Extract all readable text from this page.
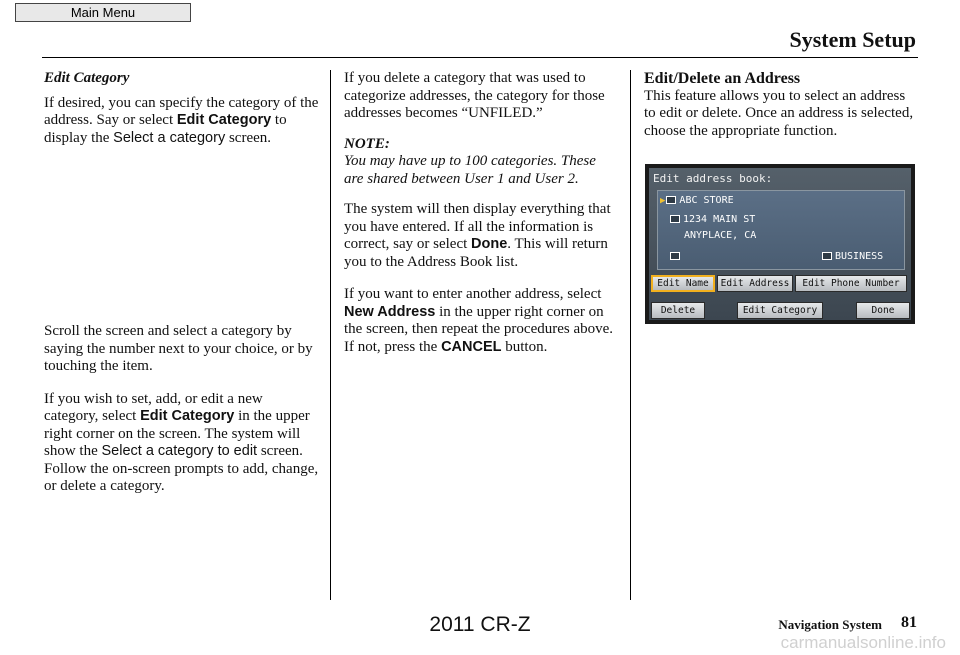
Main Menu
System Setup

Edit Category

If desired, you can specify the category of the address. Say or select Edit Category to display the Select a category screen.

Scroll the screen and select a category by saying the number next to your choice, or by touching the item.

If you wish to set, add, or edit a new category, select Edit Category in the upper right corner on the screen. The system will show the Select a category to edit screen. Follow the on-screen prompts to add, change, or delete a category.

If you delete a category that was used to categorize addresses, the category for those addresses becomes “UNFILED.”

NOTE:

You may have up to 100 categories. These are shared between User 1 and User 2.

The system will then display everything that you have entered. If all the information is correct, say or select Done. This will return you to the Address Book list.

If you want to enter another address, select New Address in the upper right corner on the screen, then repeat the procedures above. If not, press the CANCEL button.

Edit/Delete an Address

This feature allows you to select an address to edit or delete. Once an address is selected, choose the appropriate function.

Edit address book:
▶ ABC STORE
1234 MAIN ST
ANYPLACE, CA
BUSINESS
Edit Name	Edit Address	Edit Phone Number
Delete	Edit Category	Done
2011 CR-Z	Navigation System 81
carmanualsonline.info
